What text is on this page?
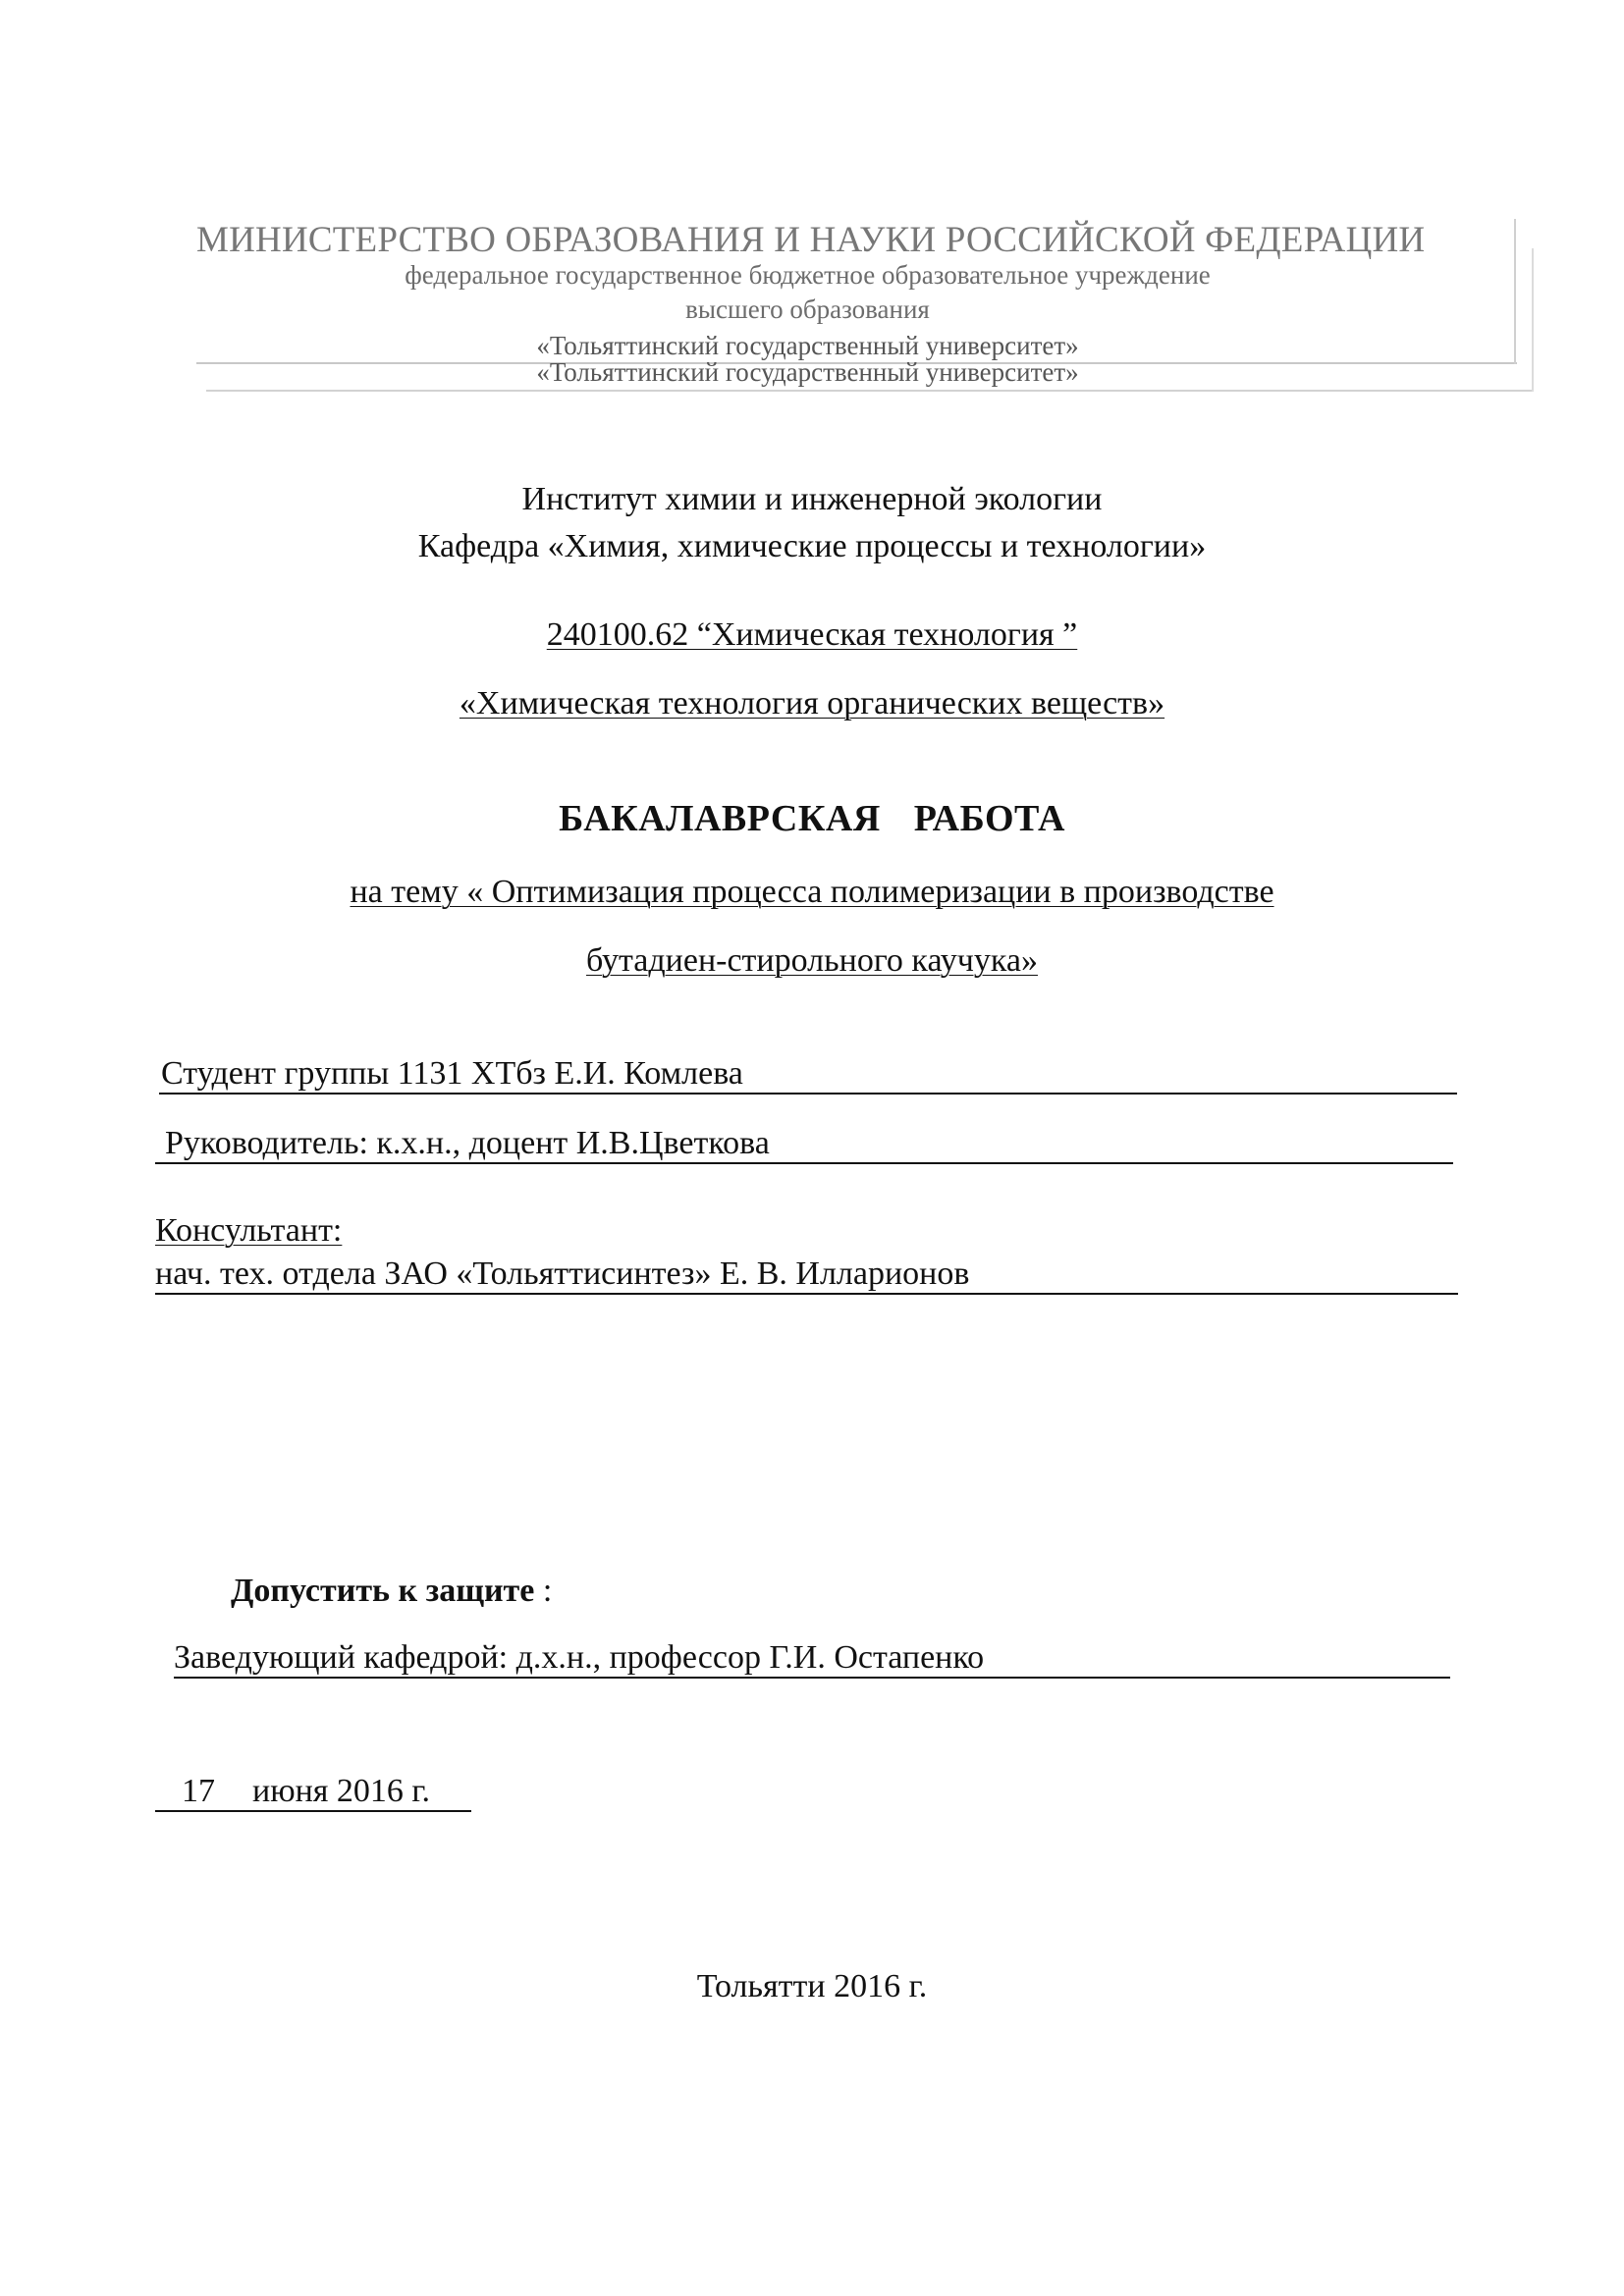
МИНИСТЕРСТВО ОБРАЗОВАНИЯ И НАУКИ РОССИЙСКОЙ ФЕДЕРАЦИИ
федеральное государственное бюджетное образовательное учреждение
высшего образования
«Тольяттинский государственный университет»
«Тольяттинский государственный университет»
Институт химии и инженерной экологии
Кафедра «Химия, химические процессы и технологии»
240100.62 “Химическая технология ”
«Химическая технология органических веществ»
БАКАЛАВРСКАЯ РАБОТА
на тему « Оптимизация процесса полимеризации в производстве
бутадиен-стирольного каучука»
Студент группы 1131 ХТбз Е.И. Комлева
Руководитель: к.х.н., доцент И.В.Цветкова
Консультант:
нач. тех. отдела ЗАО «Тольяттисинтез» Е. В. Илларионов
Допустить к защите :
Заведующий кафедрой: д.х.н., профессор Г.И. Остапенко
17 июня 2016 г.
Тольятти 2016 г.
